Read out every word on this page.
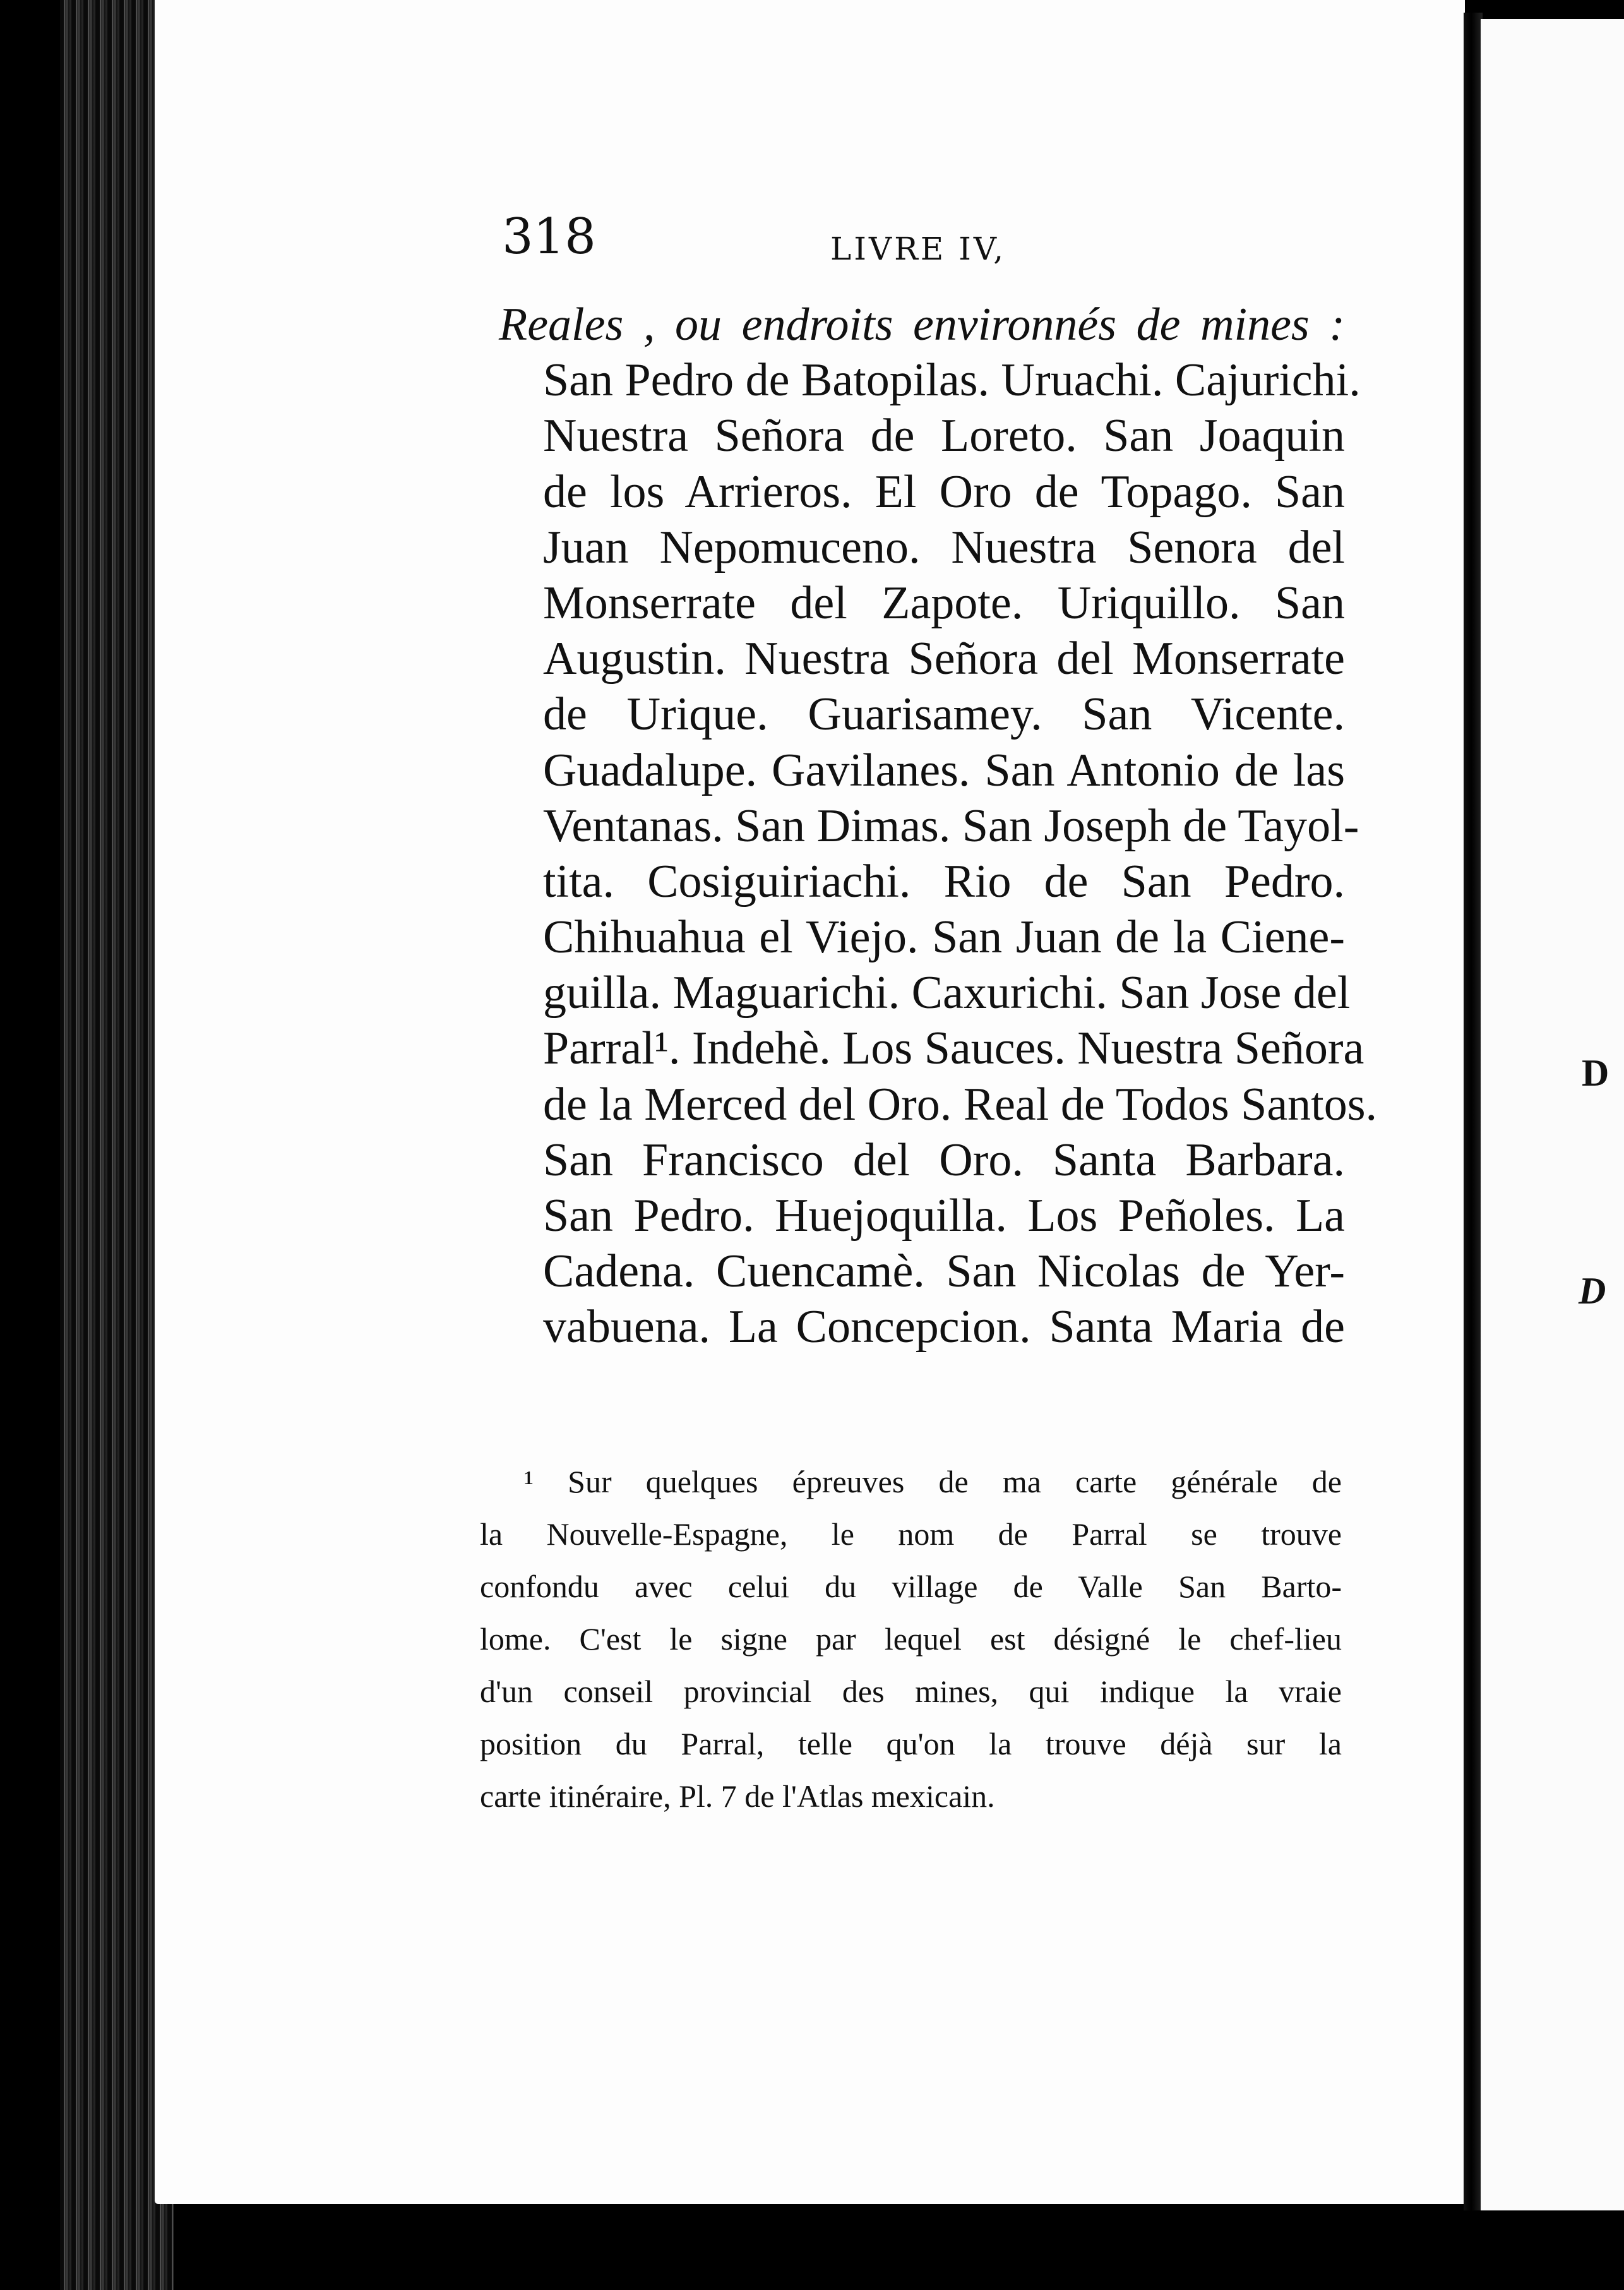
318	LIVRE IV,
Reales , ou endroits environnés de mines :
San Pedro de Batopilas. Uruachi. Cajurichi.
Nuestra Señora de Loreto. San Joaquin
de los Arrieros. El Oro de Topago. San
Juan Nepomuceno. Nuestra Senora del
Monserrate del Zapote. Uriquillo. San
Augustin. Nuestra Señora del Monserrate
de Urique. Guarisamey. San Vicente.
Guadalupe. Gavilanes. San Antonio de las
Ventanas. San Dimas. San Joseph de Tayol-
tita. Cosiguiriachi. Rio de San Pedro.
Chihuahua el Viejo. San Juan de la Ciene-
guilla. Maguarichi. Caxurichi. San Jose del
Parral¹. Indehè. Los Sauces. Nuestra Señora
de la Merced del Oro. Real de Todos Santos.
San Francisco del Oro. Santa Barbara.
San Pedro. Huejoquilla. Los Peñoles. La
Cadena. Cuencamè. San Nicolas de Yer-
vabuena. La Concepcion. Santa Maria de
¹ Sur quelques épreuves de ma carte générale de
la Nouvelle-Espagne, le nom de Parral se trouve
confondu avec celui du village de Valle San Barto-
lome. C'est le signe par lequel est désigné le chef-lieu
d'un conseil provincial des mines, qui indique la vraie
position du Parral, telle qu'on la trouve déjà sur la
carte itinéraire, Pl. 7 de l'Atlas mexicain.
D
D
